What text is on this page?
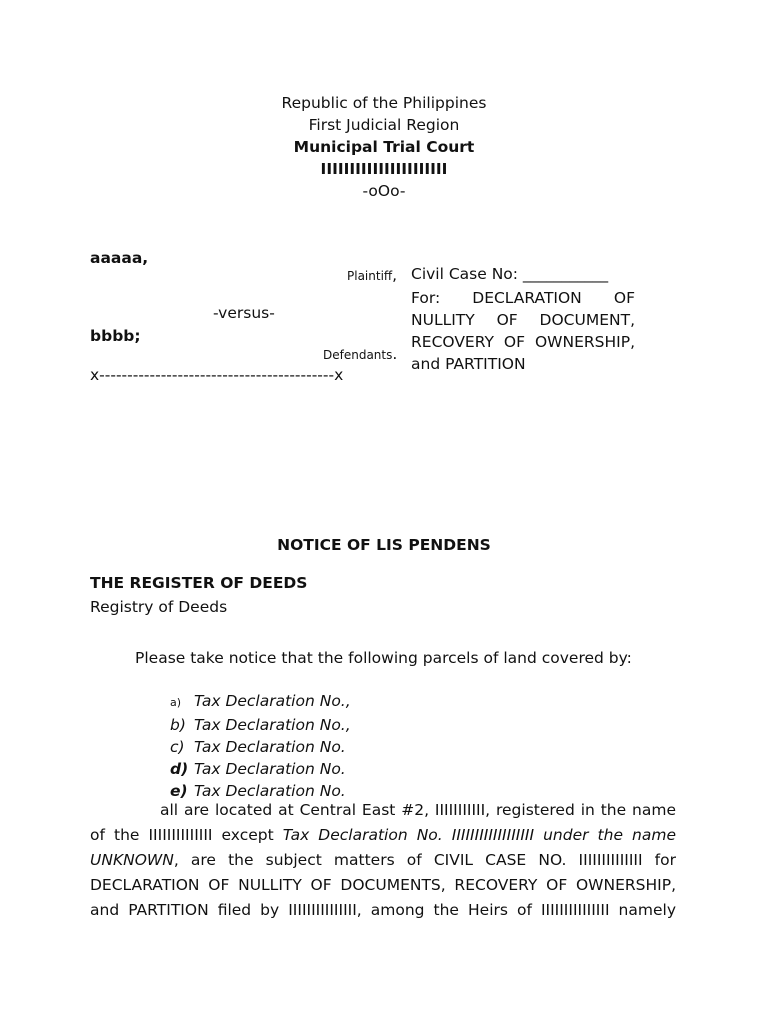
Republic of the Philippines
First Judicial Region
Municipal Trial Court
IIIIIIIIIIIIIIIIIIIIII
-oOo-
aaaaa,
Plaintiff,
-versus-
bbbb;
Defendants.
x------------------------------------------x
Civil Case No: ___________
For: DECLARATION OF
NULLITY OF DOCUMENT,
RECOVERY OF OWNERSHIP,
and PARTITION
NOTICE OF LIS PENDENS
THE REGISTER OF DEEDS
Registry of Deeds
Please take notice that the following parcels of land covered by:
a) Tax Declaration No.,
b) Tax Declaration No.,
c) Tax Declaration No.
d) Tax Declaration No.
e) Tax Declaration No.
all are located at Central East #2, IIIIIIIIIII, registered in the name of the IIIIIIIIIIIIII except Tax Declaration No. IIIIIIIIIIIIIIIIII under the name UNKNOWN, are the subject matters of CIVIL CASE NO. IIIIIIIIIIIIII for DECLARATION OF NULLITY OF DOCUMENTS, RECOVERY OF OWNERSHIP, and PARTITION filed by IIIIIIIIIIIIIII, among the Heirs of IIIIIIIIIIIIIII namely
